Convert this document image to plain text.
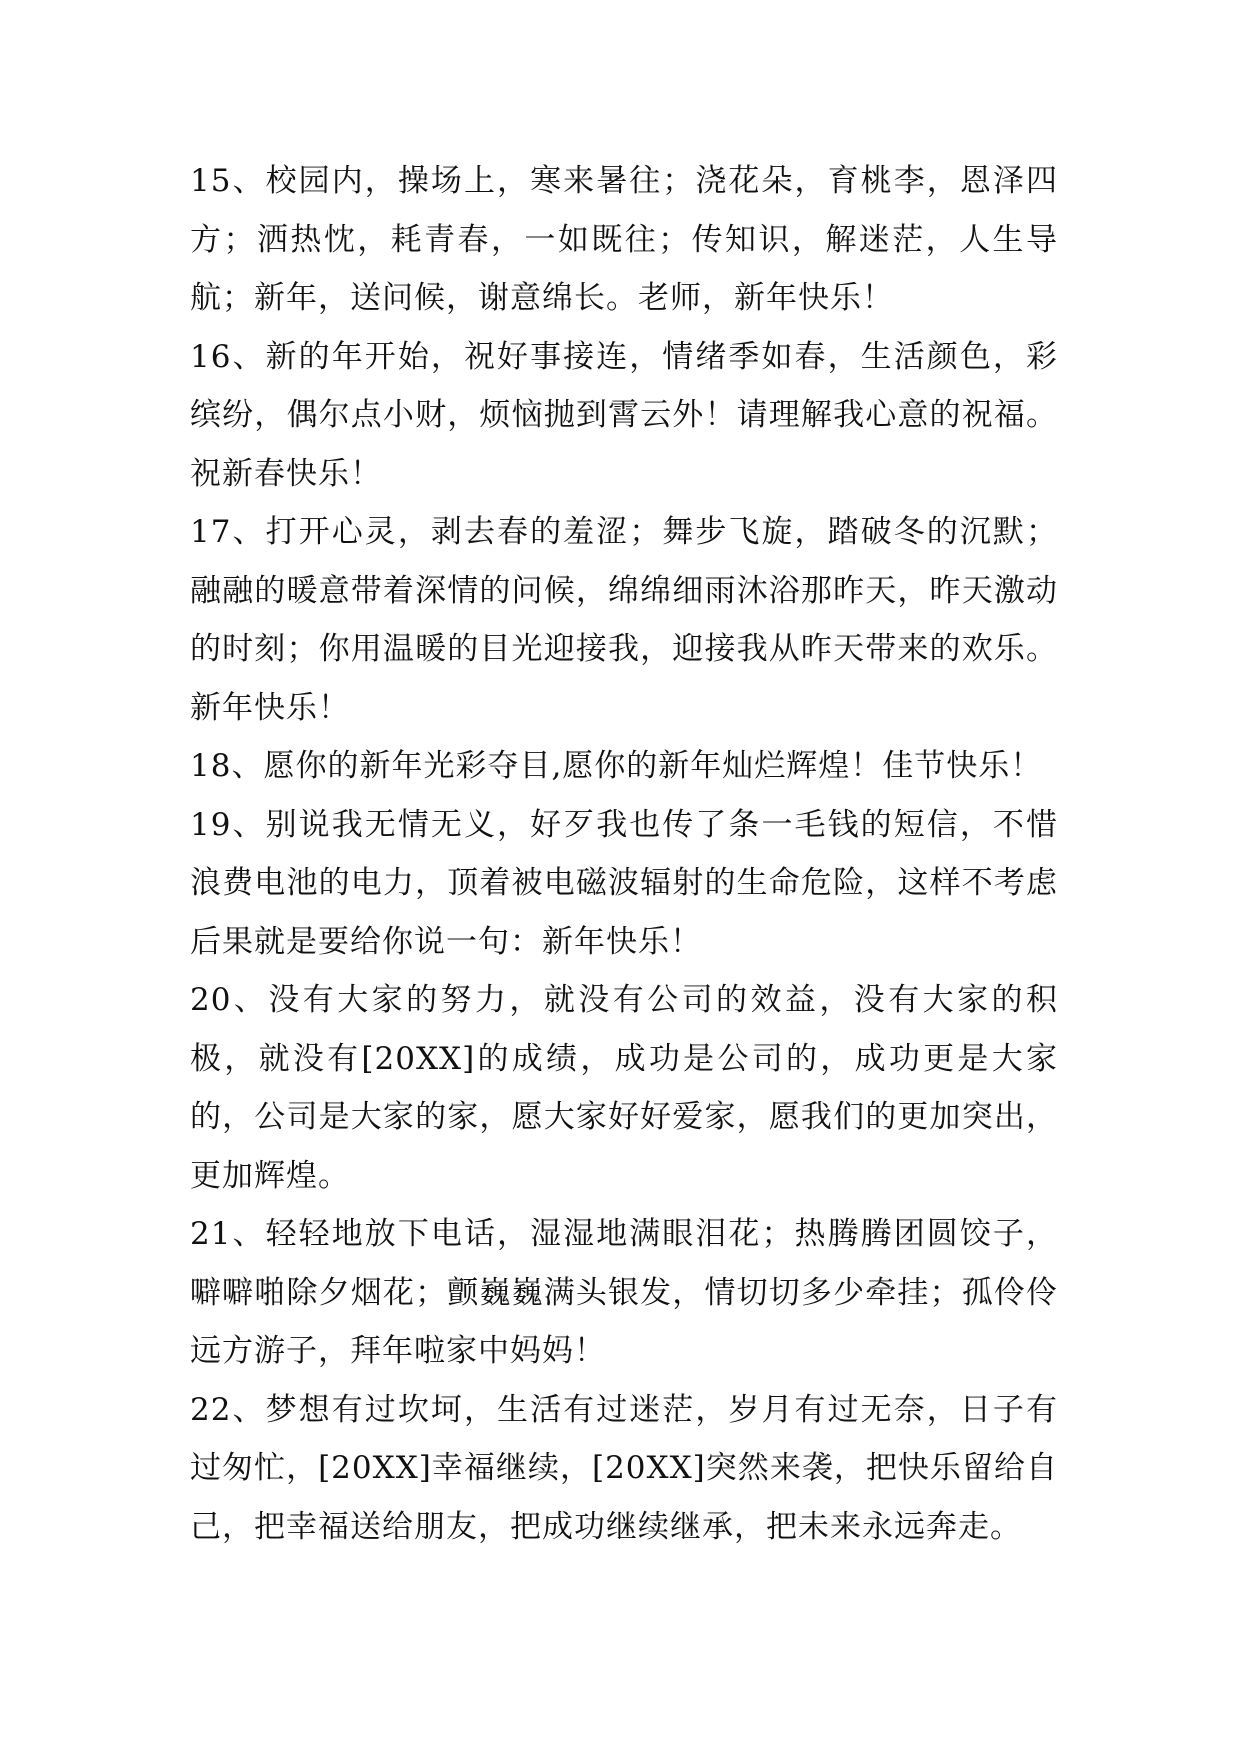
15、校园内，操场上，寒来暑往；浇花朵，育桃李，恩泽四方；洒热忱，耗青春，一如既往；传知识，解迷茫，人生导航；新年，送问候，谢意绵长。老师，新年快乐！

16、新的年开始，祝好事接连，情绪季如春，生活颜色，彩缤纷，偶尔点小财，烦恼抛到霄云外！请理解我心意的祝福。祝新春快乐！

17、打开心灵，剥去春的羞涩；舞步飞旋，踏破冬的沉默；融融的暖意带着深情的问候，绵绵细雨沐浴那昨天，昨天激动的时刻；你用温暖的目光迎接我，迎接我从昨天带来的欢乐。新年快乐！

18、愿你的新年光彩夺目,愿你的新年灿烂辉煌！佳节快乐！

19、别说我无情无义，好歹我也传了条一毛钱的短信，不惜浪费电池的电力，顶着被电磁波辐射的生命危险，这样不考虑后果就是要给你说一句：新年快乐！

20、没有大家的努力，就没有公司的效益，没有大家的积极，就没有[20XX]的成绩，成功是公司的，成功更是大家的，公司是大家的家，愿大家好好爱家，愿我们的更加突出，更加辉煌。

21、轻轻地放下电话，湿湿地满眼泪花；热腾腾团圆饺子，噼噼啪除夕烟花；颤巍巍满头银发，情切切多少牵挂；孤伶伶远方游子，拜年啦家中妈妈！

22、梦想有过坎坷，生活有过迷茫，岁月有过无奈，日子有过匆忙，[20XX]幸福继续，[20XX]突然来袭，把快乐留给自己，把幸福送给朋友，把成功继续继承，把未来永远奔走。
